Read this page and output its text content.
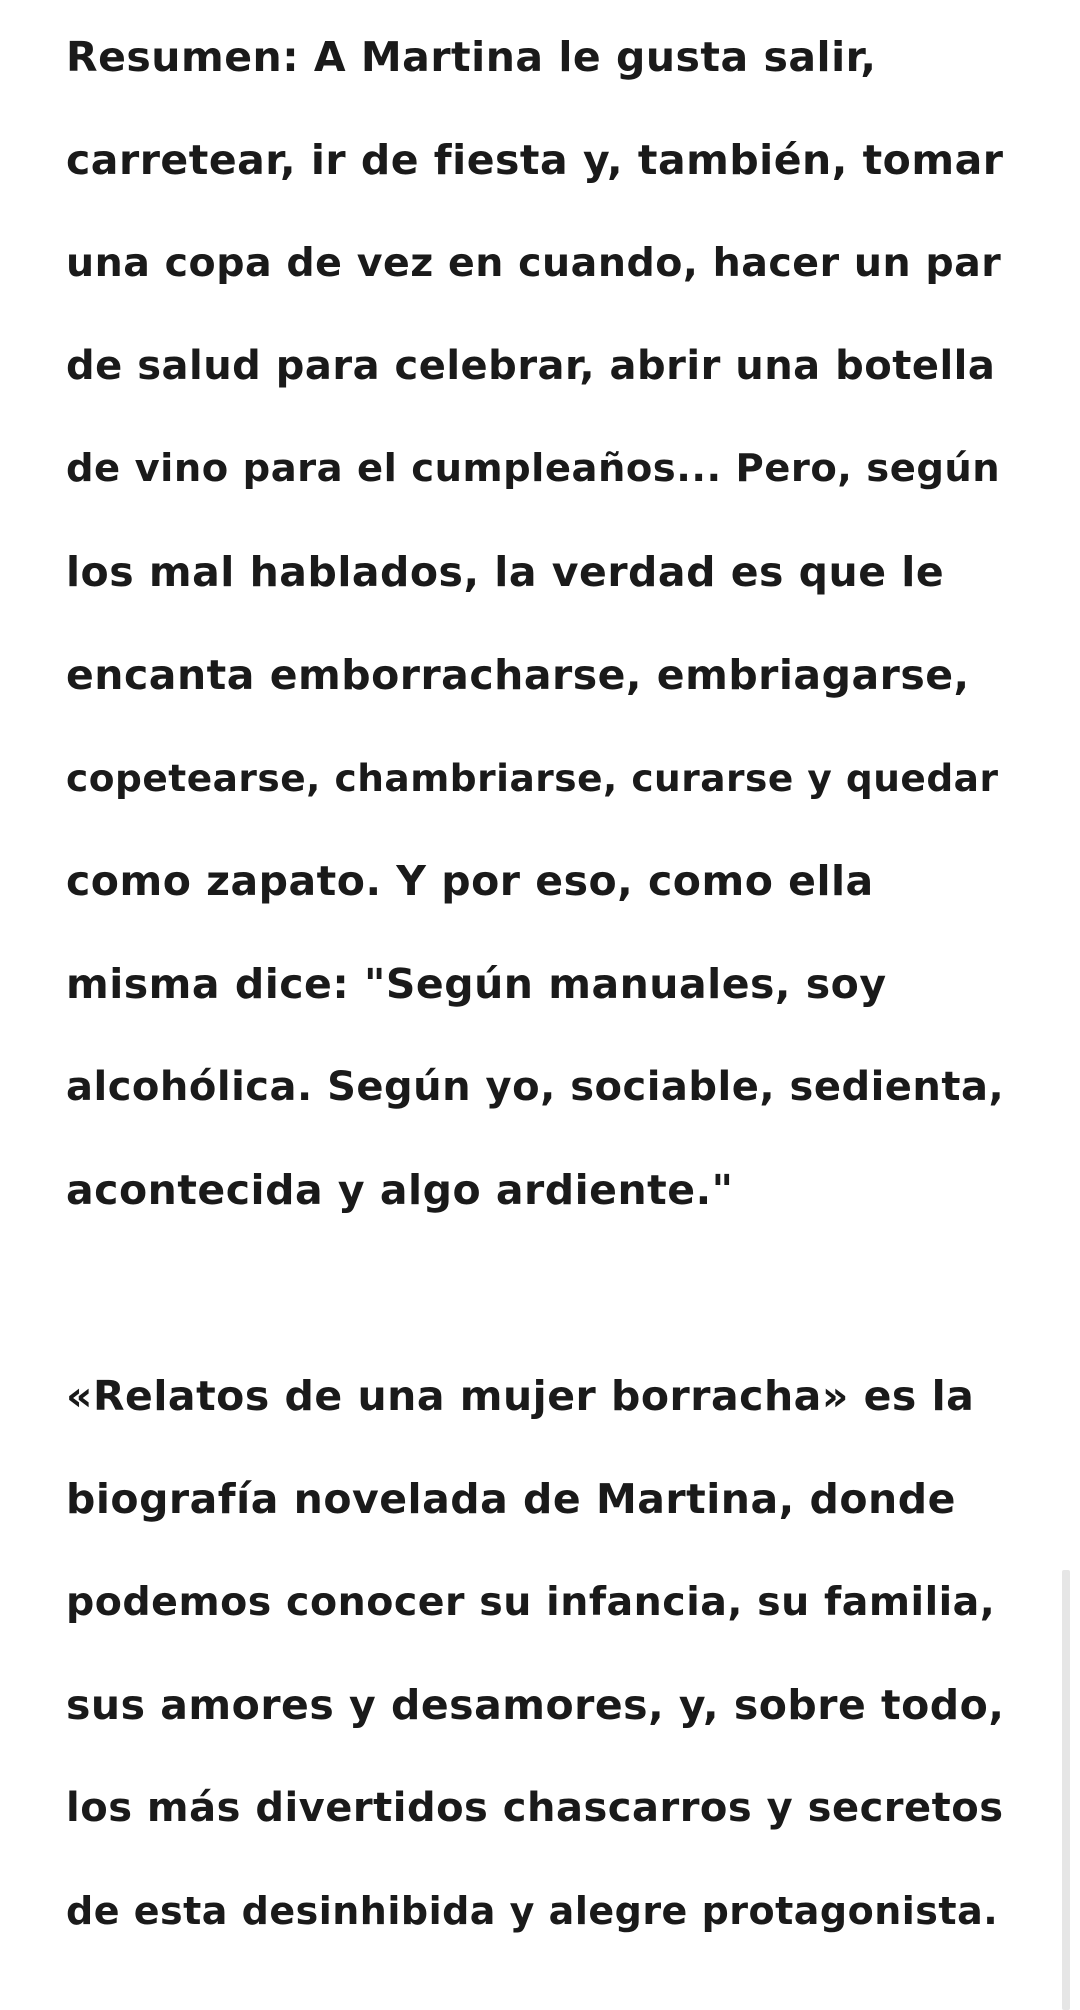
Resumen: A Martina le gusta salir,
carretear, ir de fiesta y, también, tomar
una copa de vez en cuando, hacer un par
de salud para celebrar, abrir una botella
de vino para el cumpleaños... Pero, según
los mal hablados, la verdad es que le
encanta emborracharse, embriagarse,
copetearse, chambriarse, curarse y quedar
como zapato. Y por eso, como ella
misma dice: "Según manuales, soy
alcohólica. Según yo, sociable, sedienta,
acontecida y algo ardiente."
«Relatos de una mujer borracha» es la
biografía novelada de Martina, donde
podemos conocer su infancia, su familia,
sus amores y desamores, y, sobre todo,
los más divertidos chascarros y secretos
de esta desinhibida y alegre protagonista.
